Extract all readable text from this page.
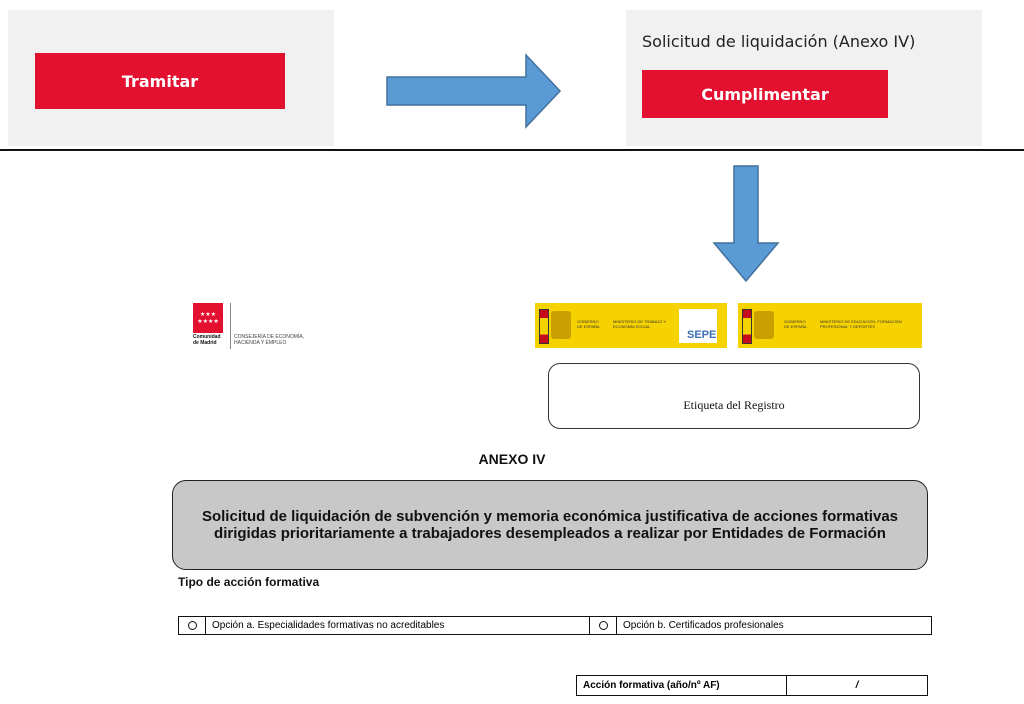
Tramitar
Solicitud de liquidación (Anexo IV)
Cumplimentar
★★★
★★★★
Comunidad de Madrid
CONSEJERÍA DE ECONOMÍA, HACIENDA Y EMPLEO
GOBIERNO DE ESPAÑA
MINISTERIO DE TRABAJO Y ECONOMÍA SOCIAL
SEPE
GOBIERNO DE ESPAÑA
MINISTERIO DE EDUCACIÓN, FORMACIÓN PROFESIONAL Y DEPORTES
Etiqueta del Registro
ANEXO IV
Solicitud de liquidación de subvención y memoria económica justificativa de acciones formativas dirigidas prioritariamente a trabajadores desempleados a realizar por Entidades de Formación
Tipo de acción formativa
Opción a. Especialidades formativas no acreditables	Opción b. Certificados profesionales
Acción formativa (año/nº AF)	/
